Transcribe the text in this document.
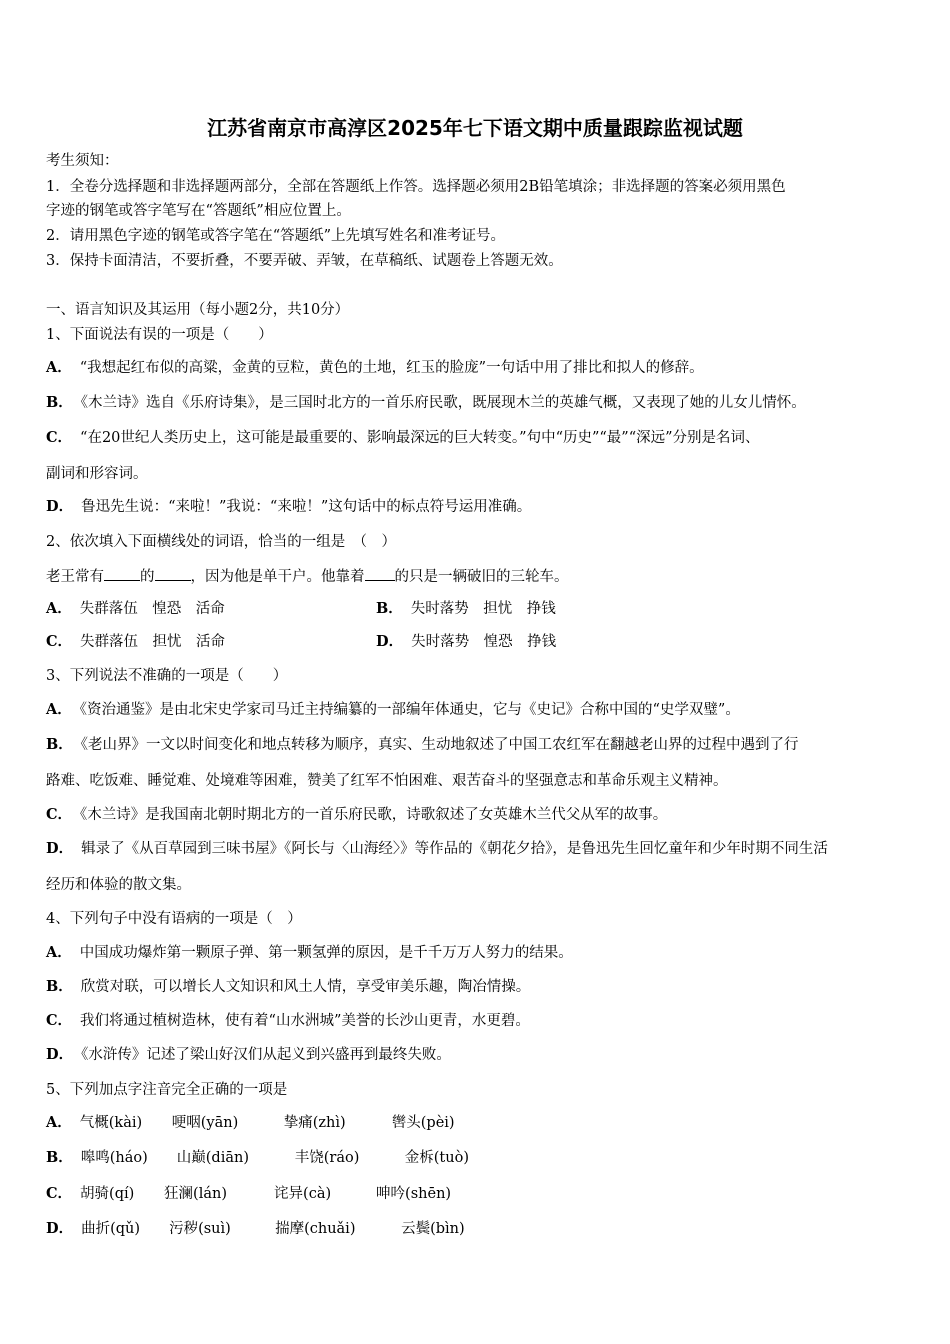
江苏省南京市高淳区2025年七下语文期中质量跟踪监视试题
考生须知：
1．全卷分选择题和非选择题两部分，全部在答题纸上作答。选择题必须用2B铅笔填涂；非选择题的答案必须用黑色
字迹的钢笔或答字笔写在“答题纸”相应位置上。
2．请用黑色字迹的钢笔或答字笔在“答题纸”上先填写姓名和准考证号。
3．保持卡面清洁，不要折叠，不要弄破、弄皱，在草稿纸、试题卷上答题无效。
一、语言知识及其运用（每小题2分，共10分）
1、下面说法有误的一项是（　　）
A． “我想起红布似的高粱，金黄的豆粒，黄色的土地，红玉的脸庞”一句话中用了排比和拟人的修辞。
B． 《木兰诗》选自《乐府诗集》，是三国时北方的一首乐府民歌，既展现木兰的英雄气概，又表现了她的儿女儿情怀。
C． “在20世纪人类历史上，这可能是最重要的、影响最深远的巨大转变。”句中“历史”“最”“深远”分别是名词、
副词和形容词。
D． 鲁迅先生说：“来啦！”我说：“来啦！”这句话中的标点符号运用准确。
2、依次填入下面横线处的词语，恰当的一组是　（　）
老王常有 的 ，因为他是单干户。他靠着 的只是一辆破旧的三轮车。
A． 失群落伍　惶恐　活命	B． 失时落势　担忧　挣钱
C． 失群落伍　担忧　活命	D． 失时落势　惶恐　挣钱
3、下列说法不准确的一项是（　　）
A． 《资治通鉴》是由北宋史学家司马迁主持编纂的一部编年体通史，它与《史记》合称中国的“史学双璧”。
B． 《老山界》一文以时间变化和地点转移为顺序，真实、生动地叙述了中国工农红军在翻越老山界的过程中遇到了行
路难、吃饭难、睡觉难、处境难等困难，赞美了红军不怕困难、艰苦奋斗的坚强意志和革命乐观主义精神。
C． 《木兰诗》是我国南北朝时期北方的一首乐府民歌，诗歌叙述了女英雄木兰代父从军的故事。
D． 辑录了《从百草园到三味书屋》《阿长与〈山海经〉》等作品的《朝花夕拾》，是鲁迅先生回忆童年和少年时期不同生活
经历和体验的散文集。
4、下列句子中没有语病的一项是（　）
A． 中国成功爆炸第一颗原子弹、第一颗氢弹的原因，是千千万万人努力的结果。
B． 欣赏对联，可以增长人文知识和风土人情，享受审美乐趣，陶冶情操。
C． 我们将通过植树造林，使有着“山水洲城”美誉的长沙山更青，水更碧。
D． 《水浒传》记述了梁山好汉们从起义到兴盛再到最终失败。
5、下列加点字注音完全正确的一项是
A． 气概(kài) 哽咽(yān)	挚痛(zhì)	辔头(pèi)
B． 嗥鸣(háo) 山巅(diān)	丰饶(ráo)	金柝(tuò)
C． 胡骑(qí) 狂澜(lán)	诧异(cà)	呻吟(shēn)
D． 曲折(qǔ) 污秽(suì)	揣摩(chuǎi)	云鬓(bìn)
